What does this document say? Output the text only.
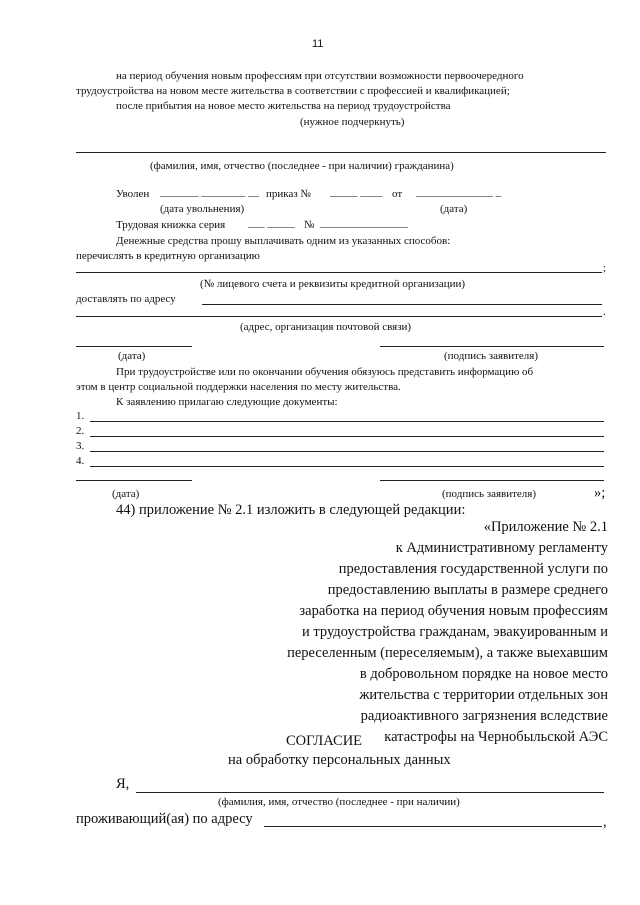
11
на период обучения новым профессиям при отсутствии возможности первоочередного
трудоустройства на новом месте жительства в соответствии с профессией и квалификацией;
после прибытия на новое место жительства на период трудоустройства
(нужное подчеркнуть)
(фамилия, имя, отчество (последнее - при наличии) гражданина)
Уволен _______ ________ __ приказ № _____ ____ от ______________ _
(дата увольнения)	(дата)
Трудовая книжка серия ___ _____ № ________________
Денежные средства прошу выплачивать одним из указанных способов:
перечислять в кредитную организацию
;
(№ лицевого счета и реквизиты кредитной организации)
доставлять по адресу
.
(адрес, организация почтовой связи)
(дата)	(подпись заявителя)
При трудоустройстве или по окончании обучения обязуюсь представить информацию об
этом в центр социальной поддержки населения по месту жительства.
К заявлению прилагаю следующие документы:
1.
2.
3.
4.
(дата)	(подпись заявителя)	»;
44) приложение № 2.1 изложить в следующей редакции:
«Приложение № 2.1
к Административному регламенту
предоставления государственной услуги по
предоставлению выплаты в размере среднего
заработка на период обучения новым профессиям
и трудоустройства гражданам, эвакуированным и
переселенным (переселяемым), а также выехавшим
в добровольном порядке на новое место
жительства с территории отдельных зон
радиоактивного загрязнения вследствие
катастрофы на Чернобыльской АЭС
СОГЛАСИЕ
на обработку персональных данных
Я,
(фамилия, имя, отчество (последнее - при наличии)
проживающий(ая) по адресу	,
